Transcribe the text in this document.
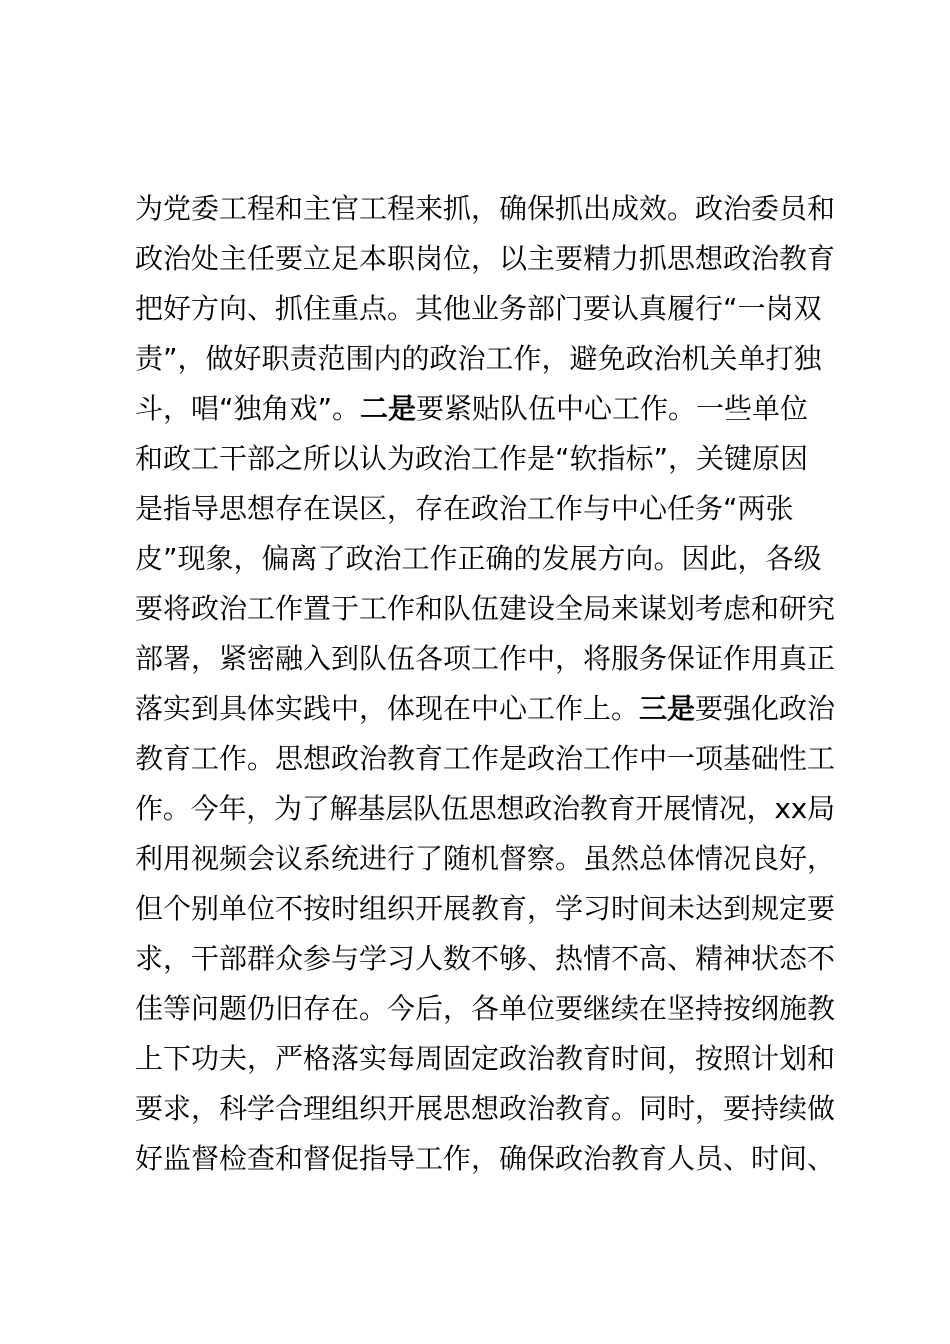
为党委工程和主官工程来抓，确保抓出成效。政治委员和
政治处主任要立足本职岗位，以主要精力抓思想政治教育
把好方向、抓住重点。其他业务部门要认真履行“一岗双
责”，做好职责范围内的政治工作，避免政治机关单打独
斗，唱“独角戏”。二是要紧贴队伍中心工作。一些单位
和政工干部之所以认为政治工作是“软指标”，关键原因
是指导思想存在误区，存在政治工作与中心任务“两张
皮”现象，偏离了政治工作正确的发展方向。因此，各级
要将政治工作置于工作和队伍建设全局来谋划考虑和研究
部署，紧密融入到队伍各项工作中，将服务保证作用真正
落实到具体实践中，体现在中心工作上。三是要强化政治
教育工作。思想政治教育工作是政治工作中一项基础性工
作。今年，为了解基层队伍思想政治教育开展情况，xx局
利用视频会议系统进行了随机督察。虽然总体情况良好，
但个别单位不按时组织开展教育，学习时间未达到规定要
求，干部群众参与学习人数不够、热情不高、精神状态不
佳等问题仍旧存在。今后，各单位要继续在坚持按纲施教
上下功夫，严格落实每周固定政治教育时间，按照计划和
要求，科学合理组织开展思想政治教育。同时，要持续做
好监督检查和督促指导工作，确保政治教育人员、时间、
